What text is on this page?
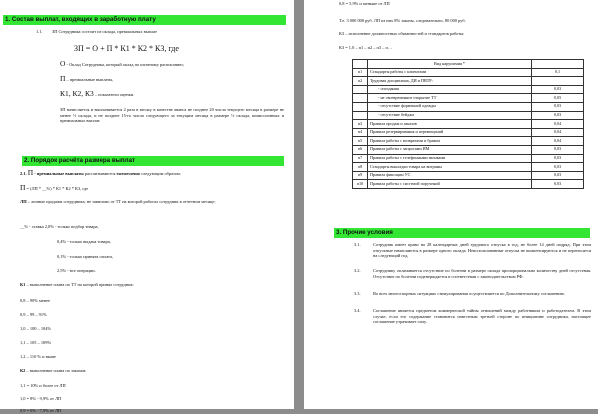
1. Состав выплат, входящих в заработную плату
1.1. ЗП Сотрудника состоит из оклада, премиальных выплат
ЗП = О + П * К1 * К2 * К3, где
О - Оклад Сотрудника, который оклад по штатному расписанию;
П – премиальные выплаты,
К1, К2, К3 – показатели оценки.
ЗП начисляется и выплачивается 2 раза в месяц: в качестве аванса не позднее 20 числа текущего месяца в размере не менее ½ оклада, и не позднее 15-го числа следующего за текущим месяца в размере ½ оклада, комиссионных и премиальных выплат.
2. Порядок расчёта размера выплат
2.1. П - премиальные выплаты рассчитываются ежемесячно следующим образом:
П = (ЛП * __%) * К1 * К2 * К3, где
ЛП – личные продажи сотрудника, не зависимо от ТТ на которой работал сотрудник в отчетном месяце;
__% - ставка 2,0% - только подбор товара,
0,4% - только выдача товара,
0,1% - только принята оплата,
2,5% - все операции.
К1 – выполнение плана по ТТ на которой принял сотрудник:
0,8 – 90% менее
0,9 – 99 – 91%
1,0 – 100 – 104%
1,1 – 105 – 109%
1,2 – 110 % и выше
К2 – выполнение плана по заказам:
1,1 = 10% и более от ЛП
1,0 = 8% - 9,9% от ЛП
0,9 = 6% - 7,9% от ЛП
0,8 = 5,9% и меньше от ЛП
Т.е. 3 000 000 руб. ЛП из них 8% заказы, следовательно, 80 000 руб.
К3 – исполнение должностных обязанностей и стандартов работы:
К3 = 1,0 – п1 – п2 – п3 – п…
	Вид нарушения *	
п1	Стандарты работы с клиентами	0,1
п2	Трудовая дисциплина, ДИ и ПВТР:	
	- опоздания	0,03
	- не своевременное открытие ТТ	0,05
	- отсутствие форменной одежды	0,03
	- отсутствие бейджа	0,03
п3	Правила продаж и заказов	0,04
п4	Правила резервирования и перемещений	0,04
п5	Правила работы с возвратами и браком	0,04
п6	Правила работы с запросами ИМ	0,03
п7	Правила работы с телефонными звонками	0,03
п8	Стандарты выкладки товара на витрины	0,03
п9	Правила фиксации УС	0,03
п10	Правила работы с системой поручений	0,03
3. Прочие условия
3.1.	Сотрудник имеет право на 28 календарных дней трудового отпуска в год, не более 14 дней подряд. При этом отпускные начисляются в размере одного оклада. Неиспользованные отпуска не компенсируются и не переносятся на следующий год.
3.2.	Сотруднику оплачивается отсутствие по болезни в размере оклада пропорционально количеству дней отсутствия. Отсутствие по болезни подтверждается в соответствии с законодательством РФ.
3.3.	Во всех многоспорных ситуациях стимулирования осуществляется по Дополнительному соглашению.
3.4.	Соглашение является предметом коммерческой тайны отношений между работником и работодателем. В этом случае, если его содержание становится известным третьей стороне по инициативе сотрудника, настоящее соглашение утрачивает силу.
